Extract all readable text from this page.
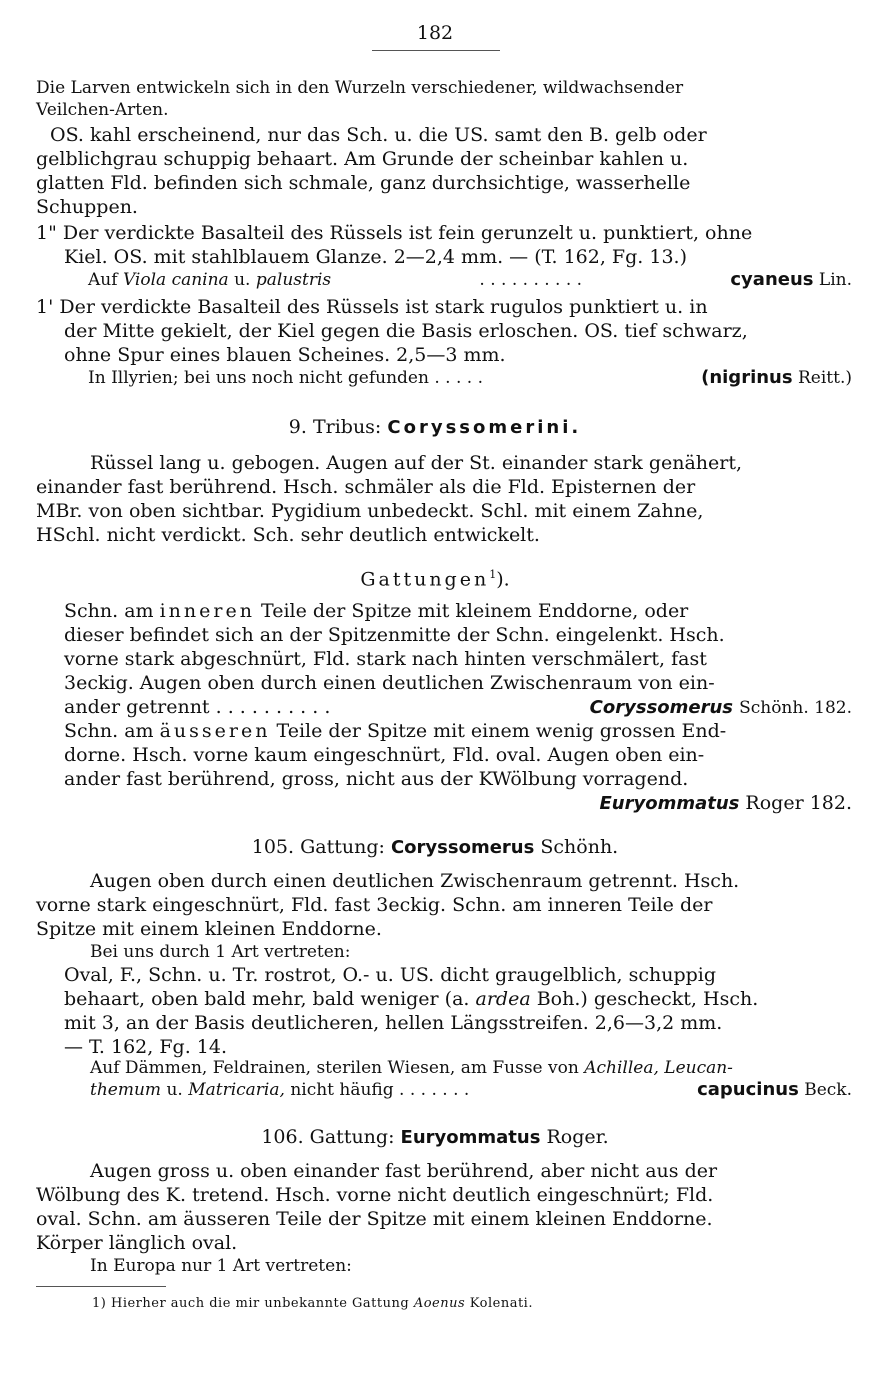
182
Die Larven entwickeln sich in den Wurzeln verschiedener, wildwachsender
Veilchen-Arten.
OS. kahl erscheinend, nur das Sch. u. die US. samt den B. gelb oder
gelblichgrau schuppig behaart. Am Grunde der scheinbar kahlen u.
glatten Fld. befinden sich schmale, ganz durchsichtige, wasserhelle
Schuppen.
1" Der verdickte Basalteil des Rüssels ist fein gerunzelt u. punktiert, ohne
Kiel. OS. mit stahlblauem Glanze. 2—2,4 mm. — (T. 162, Fg. 13.)
Auf
Viola canina
u.
palustris	. . . . . . . . . .	cyaneus
Lin.
1' Der verdickte Basalteil des Rüssels ist stark rugulos punktiert u. in
der Mitte gekielt, der Kiel gegen die Basis erloschen. OS. tief schwarz,
ohne Spur eines blauen Scheines. 2,5—3 mm.
In Illyrien; bei uns noch nicht gefunden . . . . .	(nigrinus
Reitt.)
9. Tribus: Coryssomerini.
Rüssel lang u. gebogen. Augen auf der St. einander stark genähert,
einander fast berührend. Hsch. schmäler als die Fld. Episternen der
MBr. von oben sichtbar. Pygidium unbedeckt. Schl. mit einem Zahne,
HSchl. nicht verdickt. Sch. sehr deutlich entwickelt.
Gattungen$^1$).
Schn. am inneren Teile der Spitze mit kleinem Enddorne, oder
dieser befindet sich an der Spitzenmitte der Schn. eingelenkt. Hsch.
vorne stark abgeschnürt, Fld. stark nach hinten verschmälert, fast
3eckig. Augen oben durch einen deutlichen Zwischenraum von ein-
ander getrennt . . . . . . . . . .	Coryssomerus
Schönh. 182.
Schn. am äusseren Teile der Spitze mit einem wenig grossen End-
dorne. Hsch. vorne kaum eingeschnürt, Fld. oval. Augen oben ein-
ander fast berührend, gross, nicht aus der KWölbung vorragend.
Euryommatus Roger 182.
105. Gattung: Coryssomerus Schönh.
Augen oben durch einen deutlichen Zwischenraum getrennt. Hsch.
vorne stark eingeschnürt, Fld. fast 3eckig. Schn. am inneren Teile der
Spitze mit einem kleinen Enddorne.
Bei uns durch 1 Art vertreten:
Oval, F., Schn. u. Tr. rostrot, O.- u. US. dicht graugelblich, schuppig
behaart, oben bald mehr, bald weniger (a. ardea Boh.) gescheckt, Hsch.
mit 3, an der Basis deutlicheren, hellen Längsstreifen. 2,6—3,2 mm.
— T. 162, Fg. 14.
Auf Dämmen, Feldrainen, sterilen Wiesen, am Fusse von Achillea, Leucan-
themum
u.
Matricaria,
nicht häufig . . . . . . .	capucinus
Beck.
106. Gattung: Euryommatus Roger.
Augen gross u. oben einander fast berührend, aber nicht aus der
Wölbung des K. tretend. Hsch. vorne nicht deutlich eingeschnürt; Fld.
oval. Schn. am äusseren Teile der Spitze mit einem kleinen Enddorne.
Körper länglich oval.
In Europa nur 1 Art vertreten:
1) Hierher auch die mir unbekannte Gattung Aoenus Kolenati.
